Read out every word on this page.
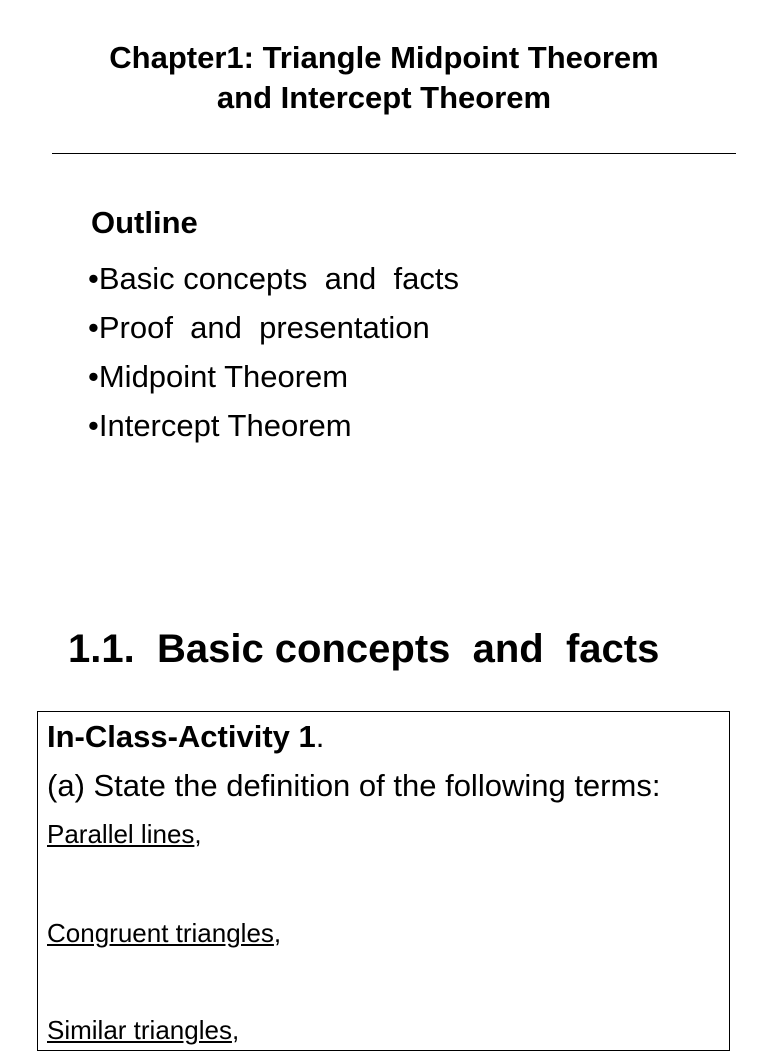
Chapter1: Triangle Midpoint Theorem
and Intercept Theorem
Outline
•Basic concepts  and  facts
•Proof  and  presentation
•Midpoint Theorem
•Intercept Theorem
1.1.  Basic concepts  and  facts

In-Class-Activity 1.

(a) State the definition of the following terms:

Parallel lines,

Congruent triangles,

Similar triangles,
